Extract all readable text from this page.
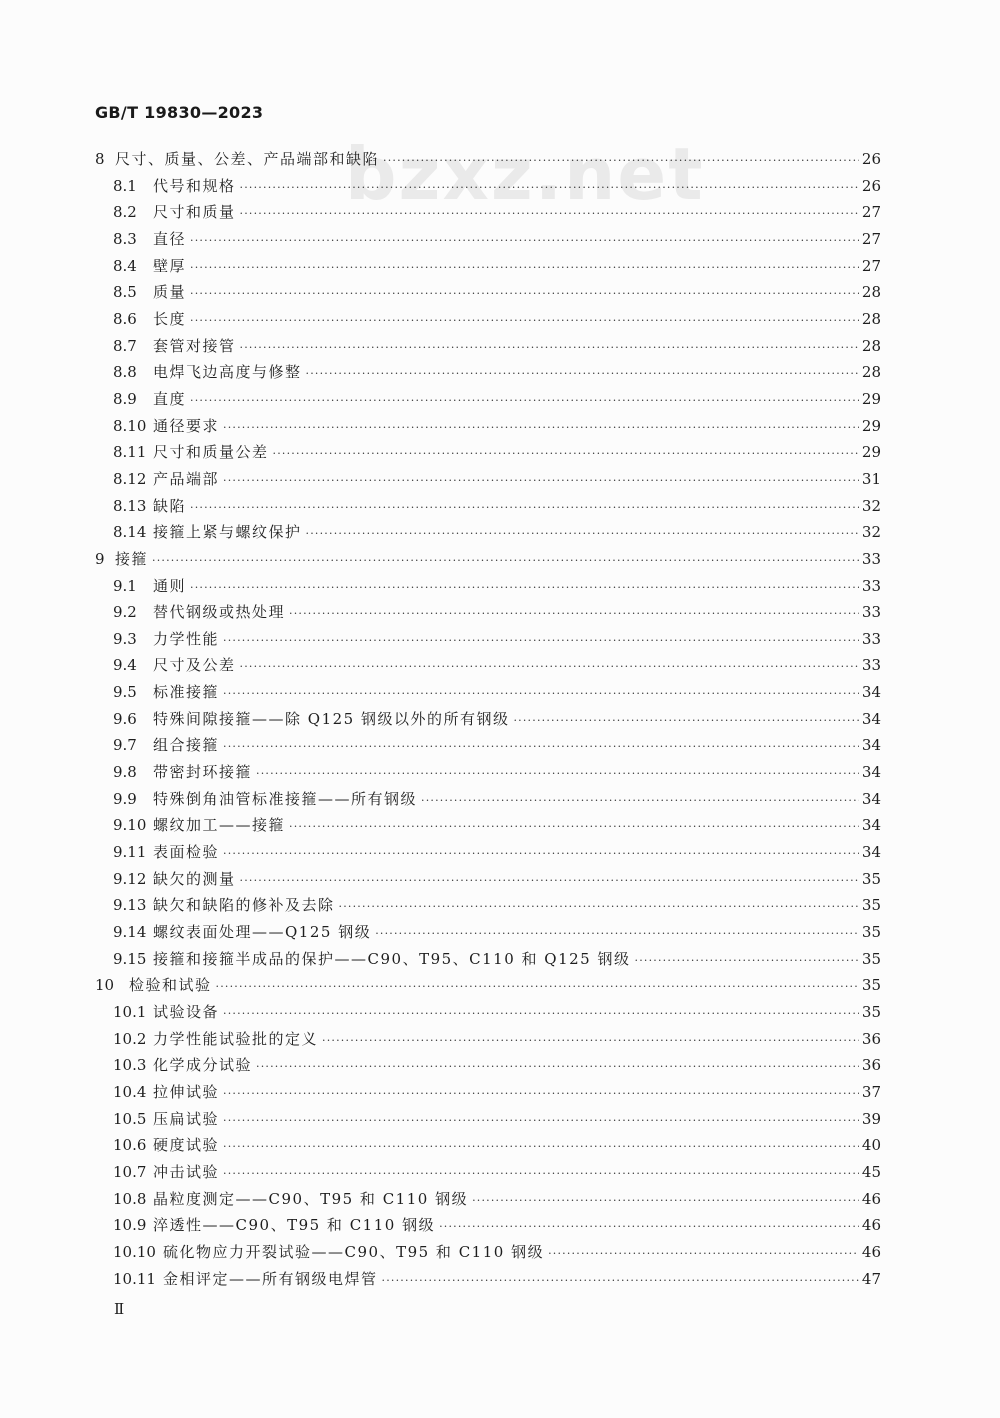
GB/T 19830—2023
bzxz.net
8 尺寸、质量、公差、产品端部和缺陷 ·····	26
8.1	代号和规格 ·····	26
8.2	尺寸和质量 ·····	27
8.3	直径 ·····	27
8.4	壁厚 ·····	27
8.5	质量 ·····	28
8.6	长度 ·····	28
8.7	套管对接管 ·····	28
8.8	电焊飞边高度与修整 ·····	28
8.9	直度 ·····	29
8.10 通径要求 ·····	29
8.11 尺寸和质量公差 ·····	29
8.12 产品端部 ·····	31
8.13 缺陷 ·····	32
8.14 接箍上紧与螺纹保护 ·····	32
9 接箍 ·····	33
9.1	通则 ·····	33
9.2	替代钢级或热处理 ·····	33
9.3	力学性能 ·····	33
9.4	尺寸及公差 ·····	33
9.5	标准接箍 ·····	34
9.6	特殊间隙接箍——除 Q125 钢级以外的所有钢级 ·····	34
9.7	组合接箍 ·····	34
9.8	带密封环接箍 ·····	34
9.9	特殊倒角油管标准接箍——所有钢级 ·····	34
9.10 螺纹加工——接箍 ·····	34
9.11 表面检验 ·····	34
9.12 缺欠的测量 ·····	35
9.13 缺欠和缺陷的修补及去除 ·····	35
9.14 螺纹表面处理——Q125 钢级 ·····	35
9.15 接箍和接箍半成品的保护——C90、T95、C110 和 Q125 钢级 ·····	35
10 检验和试验 ·····	35
10.1 试验设备 ·····	35
10.2 力学性能试验批的定义 ·····	36
10.3 化学成分试验 ·····	36
10.4 拉伸试验 ·····	37
10.5 压扁试验 ·····	39
10.6 硬度试验 ·····	40
10.7 冲击试验 ·····	45
10.8 晶粒度测定——C90、T95 和 C110 钢级 ·····	46
10.9 淬透性——C90、T95 和 C110 钢级 ·····	46
10.10 硫化物应力开裂试验——C90、T95 和 C110 钢级 ·····	46
10.11 金相评定——所有钢级电焊管 ·····	47
Ⅱ
